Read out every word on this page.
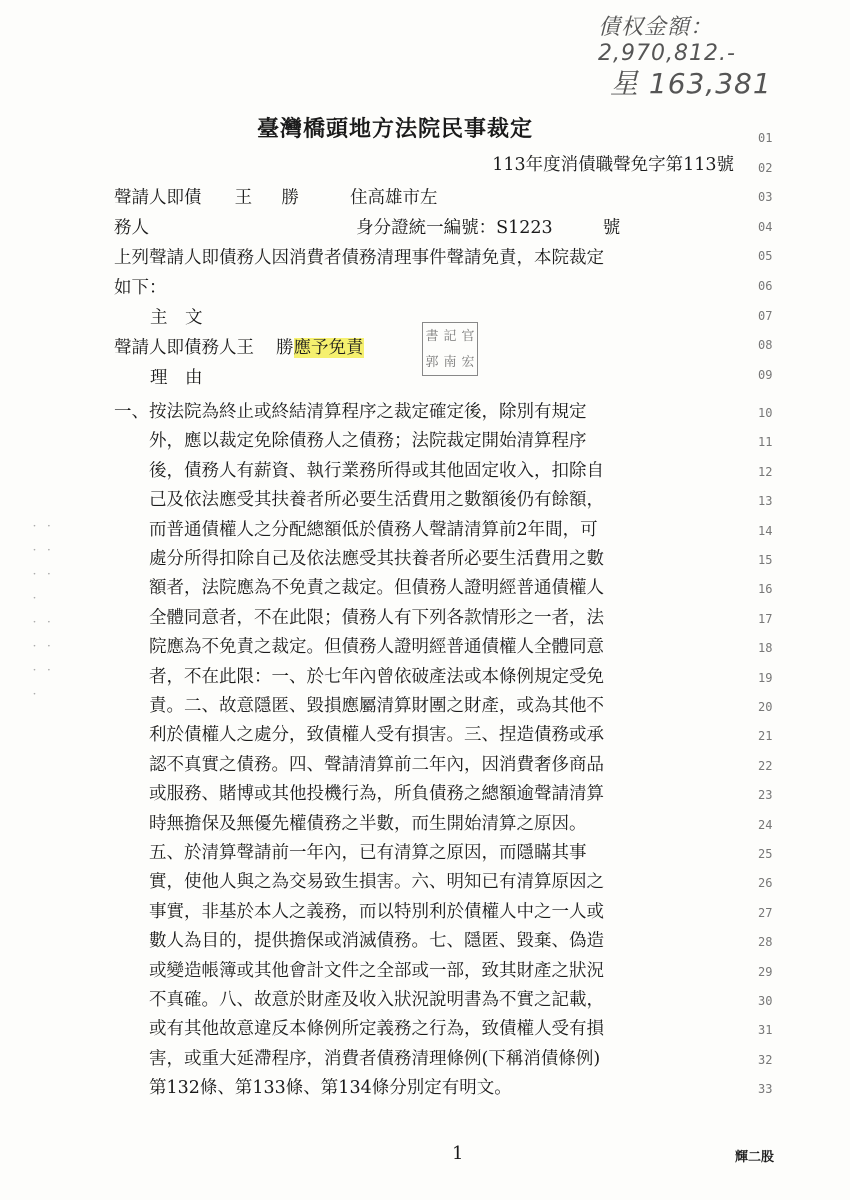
債权金額：2,970,812.-
星 163,381
臺灣橋頭地方法院民事裁定
113年度消債職聲免字第113號
聲請人即債 王 勝	住高雄市左
務人	身分證統一編號：S1223	號
上列聲請人即債務人因消費者債務清理事件聲請免責，本院裁定
如下：
主　文
聲請人即債務人王 勝應予免責
書 記 官
郭 南 宏
理　由
一、按法院為終止或終結清算程序之裁定確定後，除別有規定
　　外，應以裁定免除債務人之債務；法院裁定開始清算程序
　　後，債務人有薪資、執行業務所得或其他固定收入，扣除自
　　己及依法應受其扶養者所必要生活費用之數額後仍有餘額，
　　而普通債權人之分配總額低於債務人聲請清算前2年間，可
　　處分所得扣除自己及依法應受其扶養者所必要生活費用之數
　　額者，法院應為不免責之裁定。但債務人證明經普通債權人
　　全體同意者，不在此限；債務人有下列各款情形之一者，法
　　院應為不免責之裁定。但債務人證明經普通債權人全體同意
　　者，不在此限：一、於七年內曾依破產法或本條例規定受免
　　責。二、故意隱匿、毀損應屬清算財團之財產，或為其他不
　　利於債權人之處分，致債權人受有損害。三、捏造債務或承
　　認不真實之債務。四、聲請清算前二年內，因消費奢侈商品
　　或服務、賭博或其他投機行為，所負債務之總額逾聲請清算
　　時無擔保及無優先權債務之半數，而生開始清算之原因。
　　五、於清算聲請前一年內，已有清算之原因，而隱瞞其事
　　實，使他人與之為交易致生損害。六、明知已有清算原因之
　　事實，非基於本人之義務，而以特別利於債權人中之一人或
　　數人為目的，提供擔保或消滅債務。七、隱匿、毀棄、偽造
　　或變造帳簿或其他會計文件之全部或一部，致其財產之狀況
　　不真確。八、故意於財產及收入狀況說明書為不實之記載，
　　或有其他故意違反本條例所定義務之行為，致債權人受有損
　　害，或重大延滯程序，消費者債務清理條例(下稱消債條例)
　　第132條、第133條、第134條分別定有明文。
01
02
03
04
05
06
07
08
09
10
11
12
13
14
15
16
17
18
19
20
21
22
23
24
25
26
27
28
29
30
31
32
33
・ ・
・ ・
・ ・
・
・ ・
・ ・
・ ・
・
1	輝二股
